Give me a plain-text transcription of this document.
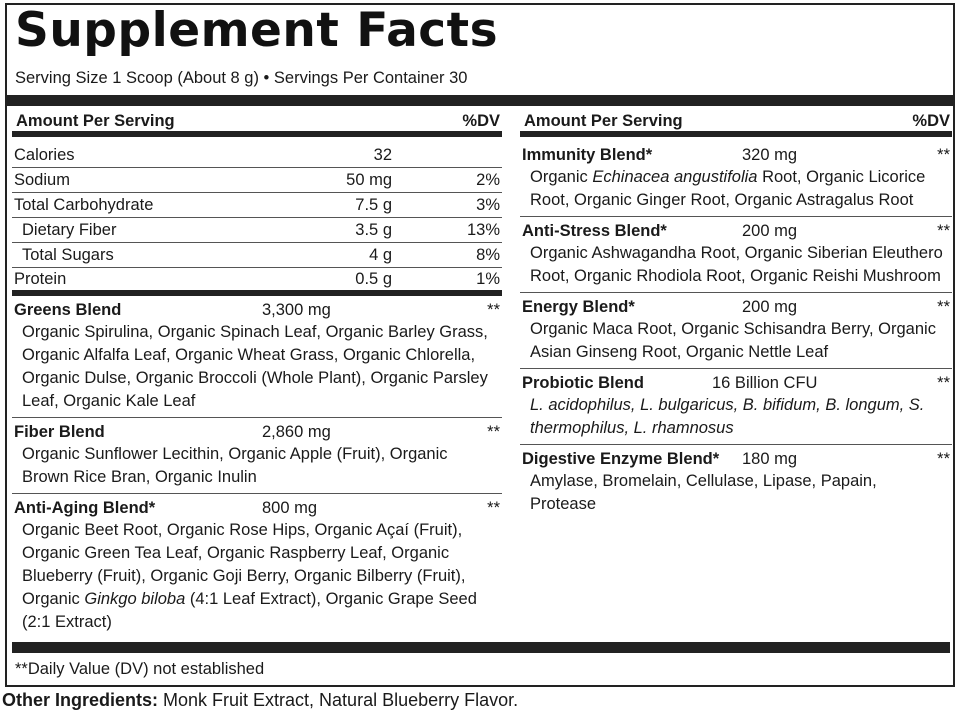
Supplement Facts
Serving Size 1 Scoop (About 8 g) • Servings Per Container 30
Amount Per Serving	%DV
Calories	32
Sodium	50 mg	2%
Total Carbohydrate	7.5 g	3%
Dietary Fiber	3.5 g	13%
Total Sugars	4 g	8%
Protein	0.5 g	1%
Greens Blend	3,300 mg	**
Organic Spirulina, Organic Spinach Leaf, Organic Barley Grass, Organic Alfalfa Leaf, Organic Wheat Grass, Organic Chlorella, Organic Dulse, Organic Broccoli (Whole Plant), Organic Parsley Leaf, Organic Kale Leaf
Fiber Blend	2,860 mg	**
Organic Sunflower Lecithin, Organic Apple (Fruit), Organic Brown Rice Bran, Organic Inulin
Anti-Aging Blend*	800 mg	**
Organic Beet Root, Organic Rose Hips, Organic Açaí (Fruit), Organic Green Tea Leaf, Organic Raspberry Leaf, Organic Blueberry (Fruit), Organic Goji Berry, Organic Bilberry (Fruit), Organic Ginkgo biloba (4:1 Leaf Extract), Organic Grape Seed (2:1 Extract)
Amount Per Serving	%DV
Immunity Blend*	320 mg	**
Organic Echinacea angustifolia Root, Organic Licorice Root, Organic Ginger Root, Organic Astragalus Root
Anti-Stress Blend*	200 mg	**
Organic Ashwagandha Root, Organic Siberian Eleuthero Root, Organic Rhodiola Root, Organic Reishi Mushroom
Energy Blend*	200 mg	**
Organic Maca Root, Organic Schisandra Berry, Organic Asian Ginseng Root, Organic Nettle Leaf
Probiotic Blend	16 Billion CFU	**
L. acidophilus, L. bulgaricus, B. bifidum, B. longum, S. thermophilus, L. rhamnosus
Digestive Enzyme Blend*	180 mg	**
Amylase, Bromelain, Cellulase, Lipase, Papain, Protease
**Daily Value (DV) not established
Other Ingredients: Monk Fruit Extract, Natural Blueberry Flavor.
